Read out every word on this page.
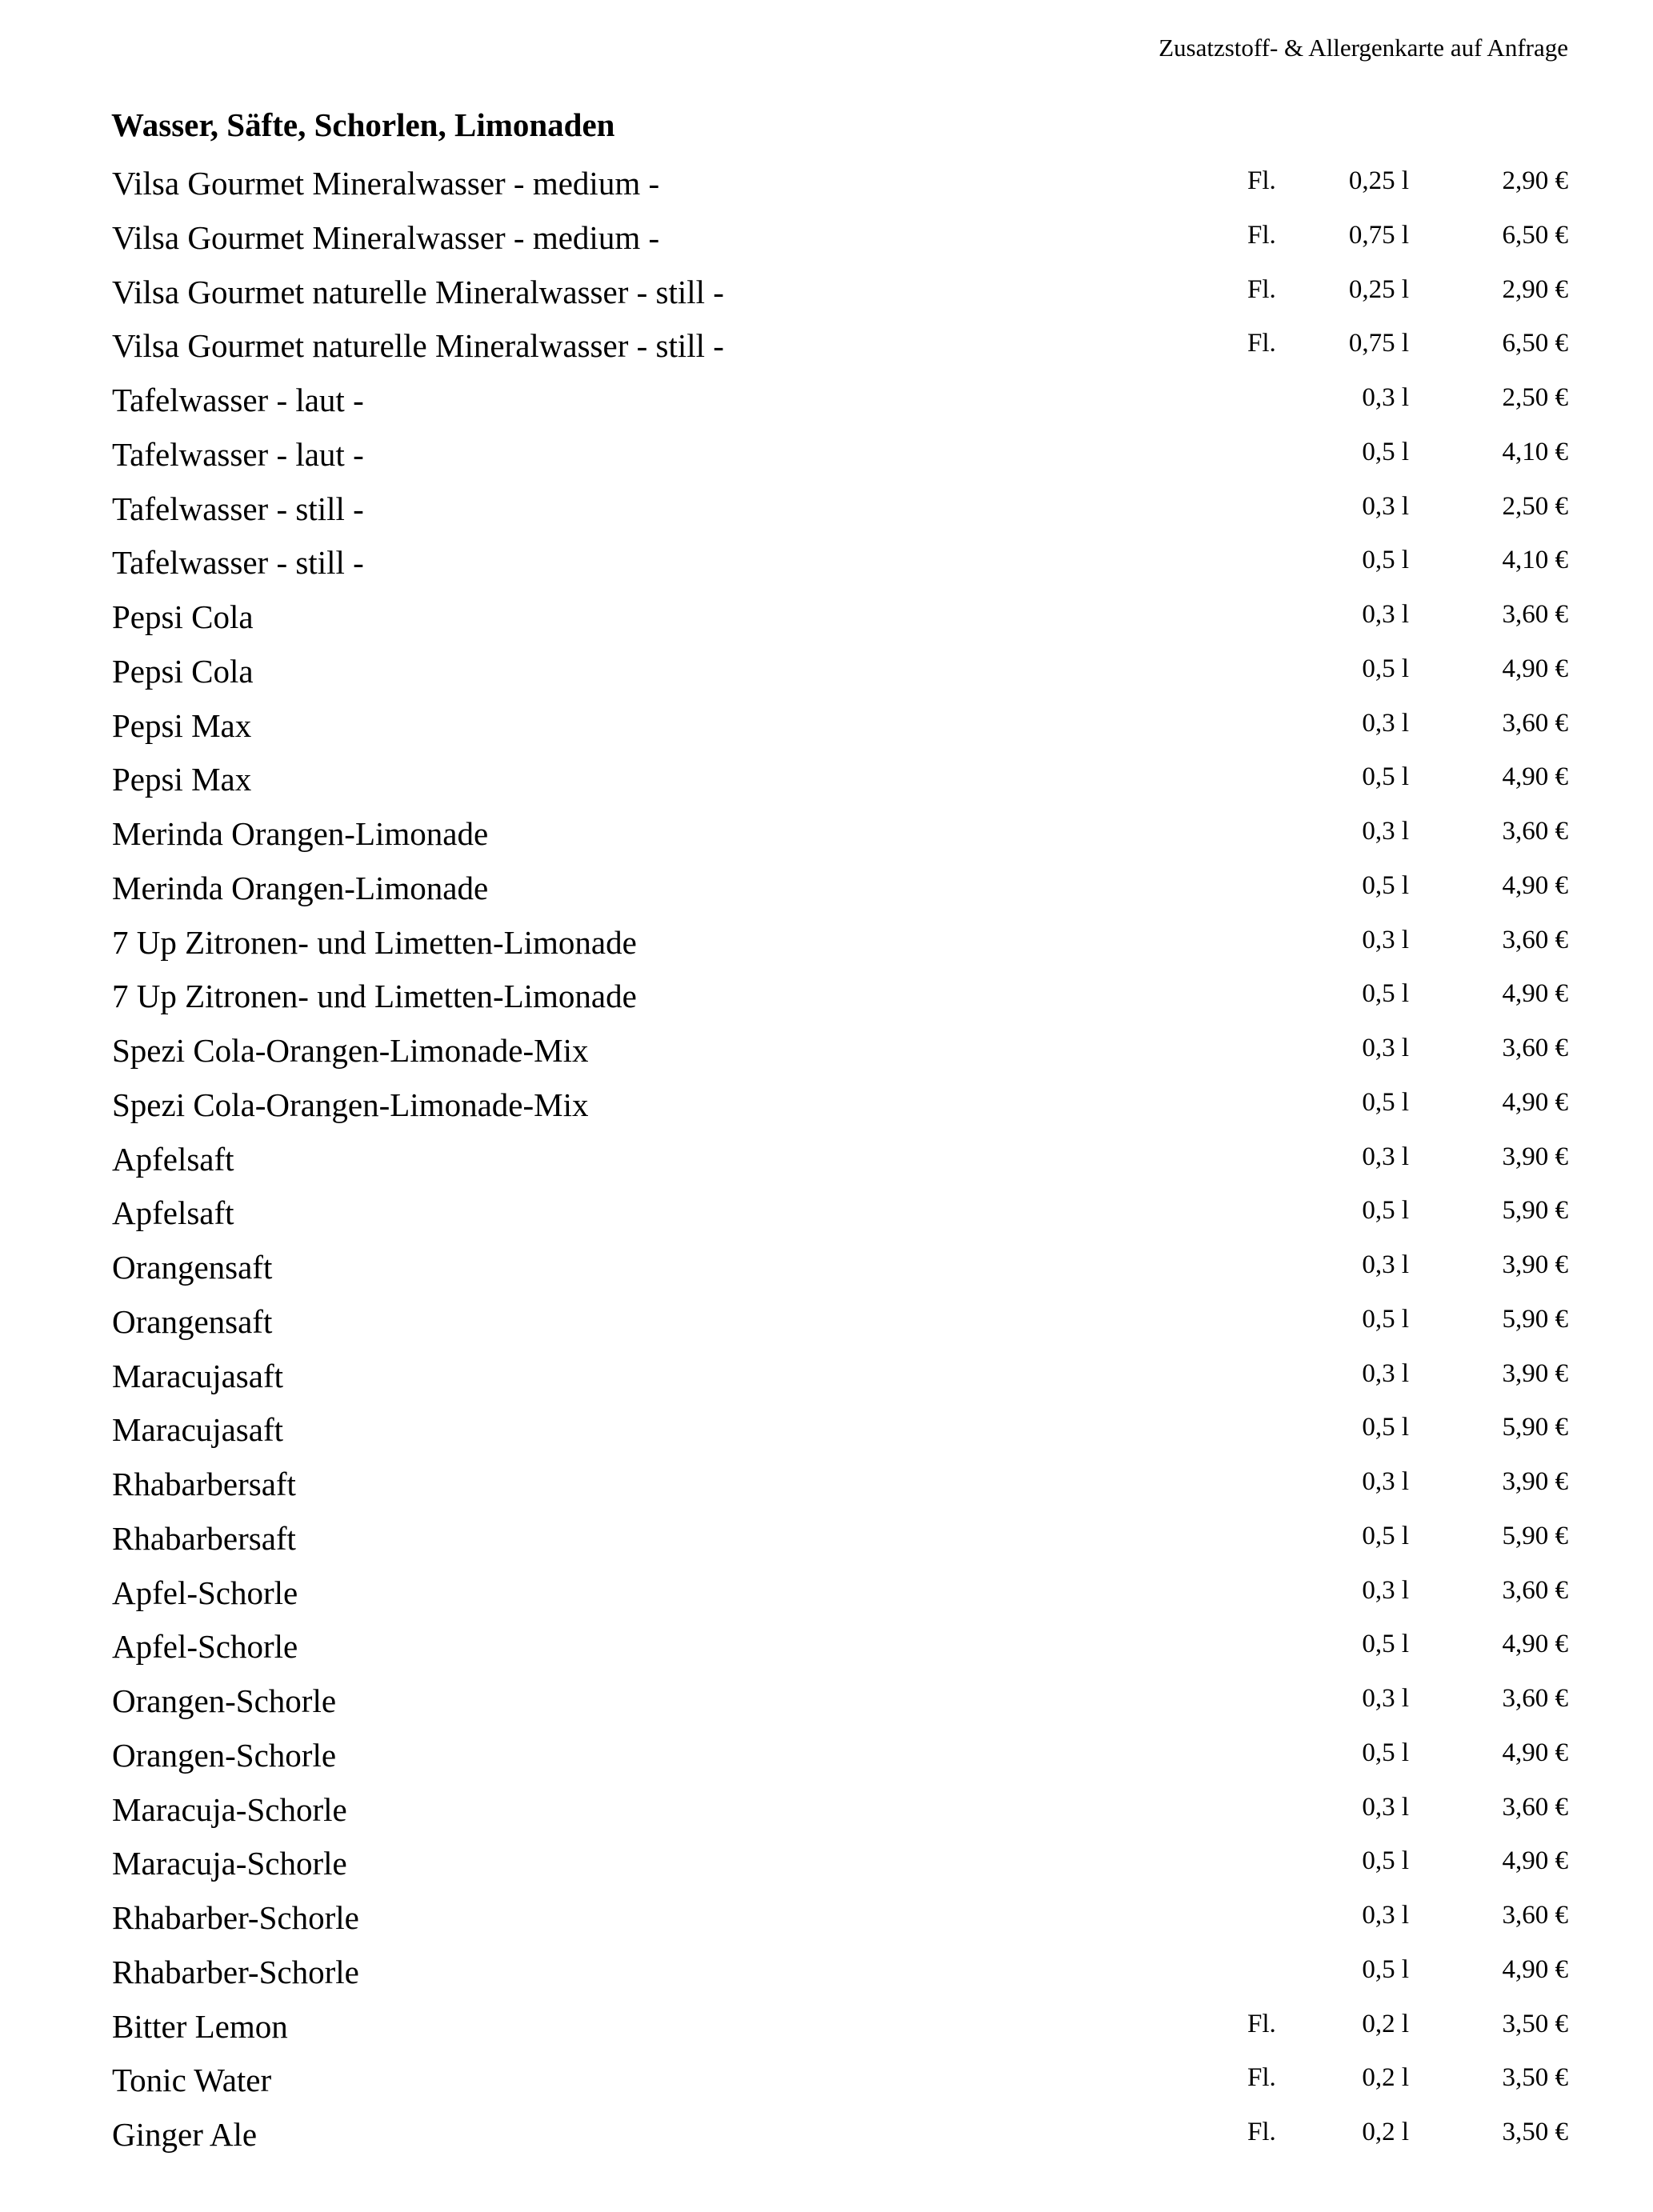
Zusatzstoff- & Allergenkarte auf Anfrage
Wasser, Säfte, Schorlen, Limonaden
Vilsa Gourmet Mineralwasser - medium -	Fl.	0,25 l	2,90 €
Vilsa Gourmet Mineralwasser - medium -	Fl.	0,75 l	6,50 €
Vilsa Gourmet naturelle Mineralwasser - still -	Fl.	0,25 l	2,90 €
Vilsa Gourmet naturelle Mineralwasser - still -	Fl.	0,75 l	6,50 €
Tafelwasser - laut -	0,3 l	2,50 €
Tafelwasser - laut -	0,5 l	4,10 €
Tafelwasser - still -	0,3 l	2,50 €
Tafelwasser - still -	0,5 l	4,10 €
Pepsi Cola	0,3 l	3,60 €
Pepsi Cola	0,5 l	4,90 €
Pepsi Max	0,3 l	3,60 €
Pepsi Max	0,5 l	4,90 €
Merinda Orangen-Limonade	0,3 l	3,60 €
Merinda Orangen-Limonade	0,5 l	4,90 €
7 Up Zitronen- und Limetten-Limonade	0,3 l	3,60 €
7 Up Zitronen- und Limetten-Limonade	0,5 l	4,90 €
Spezi Cola-Orangen-Limonade-Mix	0,3 l	3,60 €
Spezi Cola-Orangen-Limonade-Mix	0,5 l	4,90 €
Apfelsaft	0,3 l	3,90 €
Apfelsaft	0,5 l	5,90 €
Orangensaft	0,3 l	3,90 €
Orangensaft	0,5 l	5,90 €
Maracujasaft	0,3 l	3,90 €
Maracujasaft	0,5 l	5,90 €
Rhabarbersaft	0,3 l	3,90 €
Rhabarbersaft	0,5 l	5,90 €
Apfel-Schorle	0,3 l	3,60 €
Apfel-Schorle	0,5 l	4,90 €
Orangen-Schorle	0,3 l	3,60 €
Orangen-Schorle	0,5 l	4,90 €
Maracuja-Schorle	0,3 l	3,60 €
Maracuja-Schorle	0,5 l	4,90 €
Rhabarber-Schorle	0,3 l	3,60 €
Rhabarber-Schorle	0,5 l	4,90 €
Bitter Lemon	Fl.	0,2 l	3,50 €
Tonic Water	Fl.	0,2 l	3,50 €
Ginger Ale	Fl.	0,2 l	3,50 €
